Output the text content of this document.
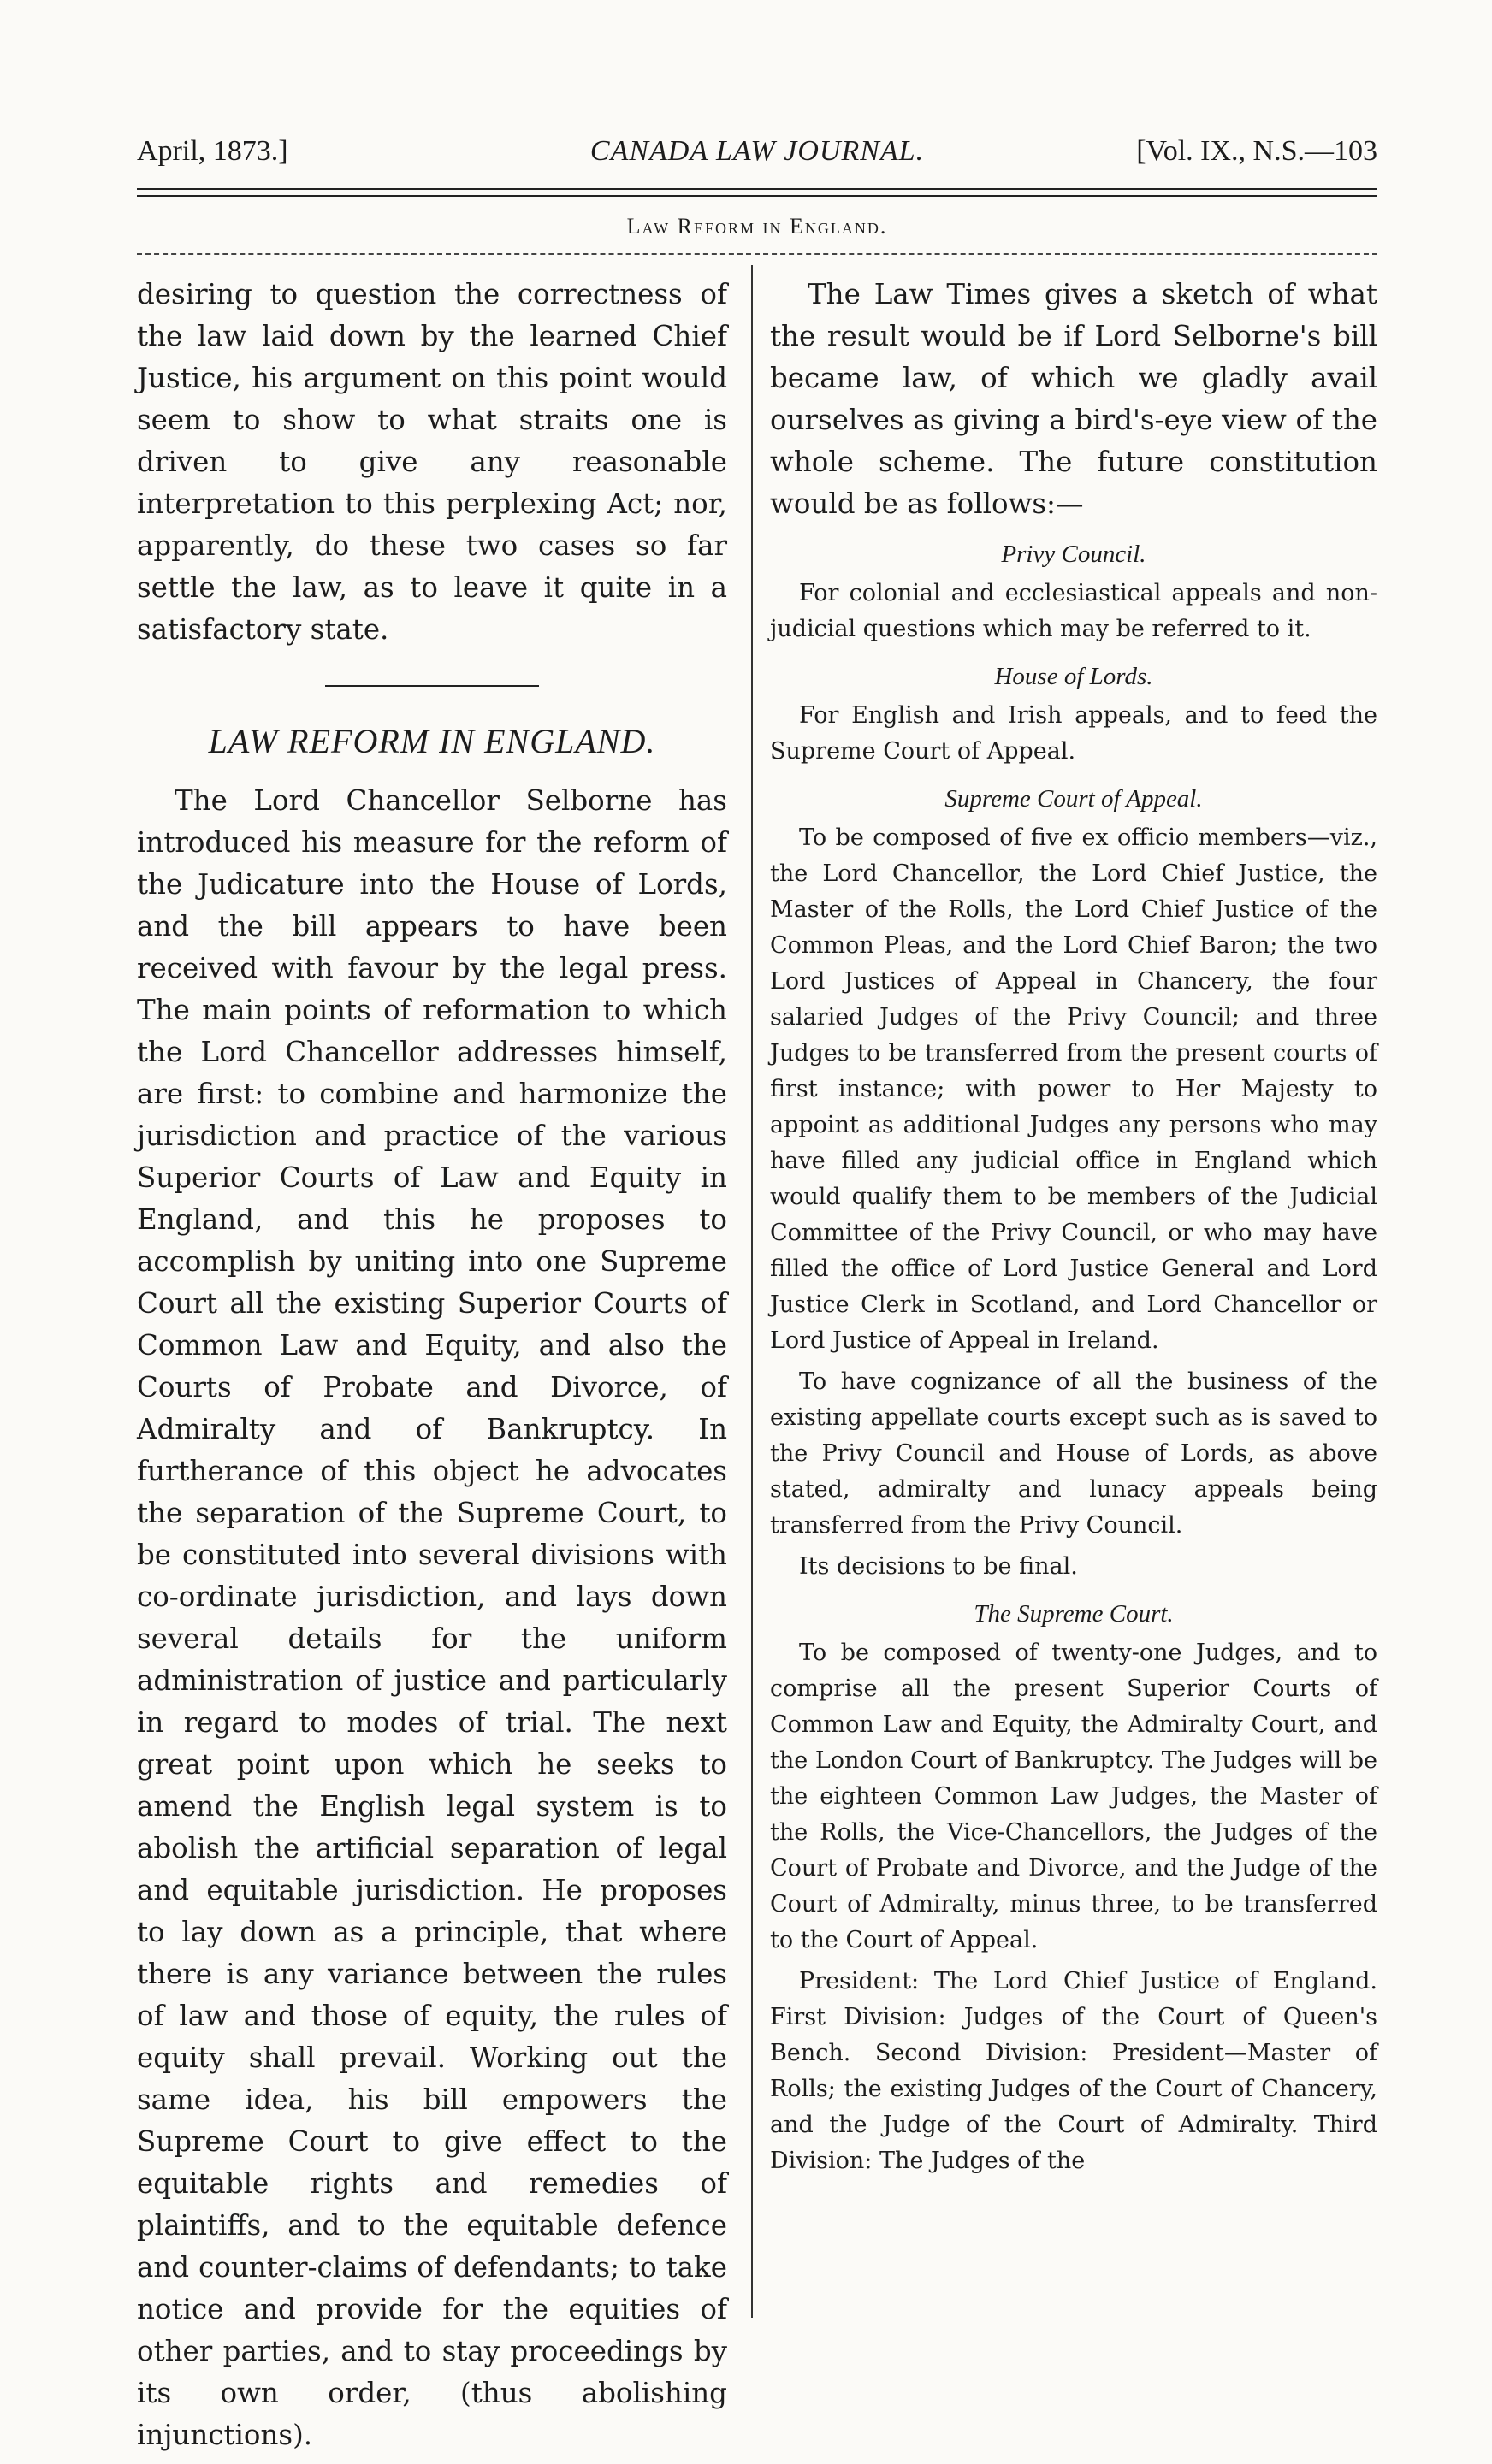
April, 1873.]	CANADA LAW JOURNAL.	[Vol. IX., N.S.—103
Law Reform in England.

desiring to question the correctness of the law laid down by the learned Chief Justice, his argument on this point would seem to show to what straits one is driven to give any reasonable interpretation to this perplexing Act; nor, apparently, do these two cases so far settle the law, as to leave it quite in a satisfactory state.

LAW REFORM IN ENGLAND.

The Lord Chancellor Selborne has introduced his measure for the reform of the Judicature into the House of Lords, and the bill appears to have been received with favour by the legal press. The main points of reformation to which the Lord Chancellor addresses himself, are first: to combine and harmonize the jurisdiction and practice of the various Superior Courts of Law and Equity in England, and this he proposes to accomplish by uniting into one Supreme Court all the existing Superior Courts of Common Law and Equity, and also the Courts of Probate and Divorce, of Admiralty and of Bankruptcy. In furtherance of this object he advocates the separation of the Supreme Court, to be constituted into several divisions with co-ordinate jurisdiction, and lays down several details for the uniform administration of justice and particularly in regard to modes of trial. The next great point upon which he seeks to amend the English legal system is to abolish the artificial separation of legal and equitable jurisdiction. He proposes to lay down as a principle, that where there is any variance between the rules of law and those of equity, the rules of equity shall prevail. Working out the same idea, his bill empowers the Supreme Court to give effect to the equitable rights and remedies of plaintiffs, and to the equitable defence and counter-claims of defendants; to take notice and provide for the equities of other parties, and to stay proceedings by its own order, (thus abolishing injunctions).

The Law Times gives a sketch of what the result would be if Lord Selborne's bill became law, of which we gladly avail ourselves as giving a bird's-eye view of the whole scheme. The future constitution would be as follows:—

Privy Council.

For colonial and ecclesiastical appeals and non-judicial questions which may be referred to it.

House of Lords.

For English and Irish appeals, and to feed the Supreme Court of Appeal.

Supreme Court of Appeal.

To be composed of five ex officio members—viz., the Lord Chancellor, the Lord Chief Justice, the Master of the Rolls, the Lord Chief Justice of the Common Pleas, and the Lord Chief Baron; the two Lord Justices of Appeal in Chancery, the four salaried Judges of the Privy Council; and three Judges to be transferred from the present courts of first instance; with power to Her Majesty to appoint as additional Judges any persons who may have filled any judicial office in England which would qualify them to be members of the Judicial Committee of the Privy Council, or who may have filled the office of Lord Justice General and Lord Justice Clerk in Scotland, and Lord Chancellor or Lord Justice of Appeal in Ireland.

To have cognizance of all the business of the existing appellate courts except such as is saved to the Privy Council and House of Lords, as above stated, admiralty and lunacy appeals being transferred from the Privy Council.

Its decisions to be final.

The Supreme Court.

To be composed of twenty-one Judges, and to comprise all the present Superior Courts of Common Law and Equity, the Admiralty Court, and the London Court of Bankruptcy. The Judges will be the eighteen Common Law Judges, the Master of the Rolls, the Vice-Chancellors, the Judges of the Court of Probate and Divorce, and the Judge of the Court of Admiralty, minus three, to be transferred to the Court of Appeal.

President: The Lord Chief Justice of England. First Division: Judges of the Court of Queen's Bench. Second Division: President—Master of Rolls; the existing Judges of the Court of Chancery, and the Judge of the Court of Admiralty. Third Division: The Judges of the
